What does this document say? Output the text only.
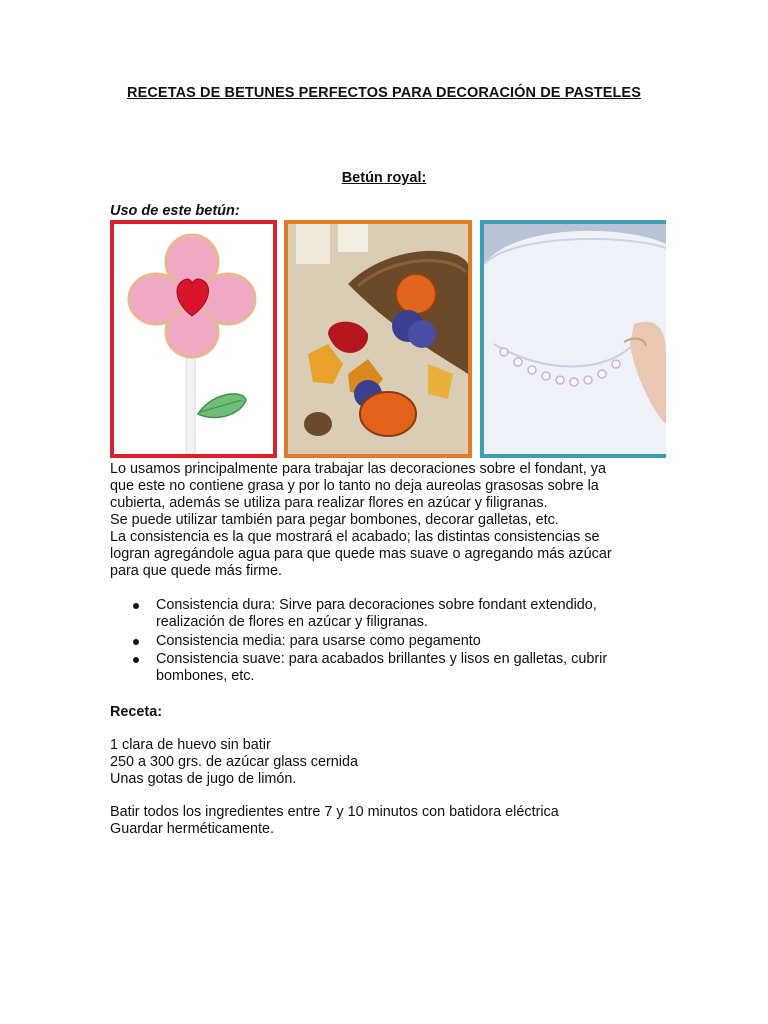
RECETAS DE BETUNES PERFECTOS PARA DECORACIÓN DE PASTELES
Betún royal:
Uso de este betún:
Lo usamos principalmente para trabajar las decoraciones sobre el fondant, ya
que este no contiene grasa y por lo tanto no deja aureolas grasosas sobre la
cubierta, además se utiliza para realizar flores en azúcar y filigranas.
Se puede utilizar también para pegar bombones, decorar galletas, etc.
La consistencia es la que mostrará el acabado; las distintas consistencias se
logran agregándole agua para que quede mas suave o agregando más azúcar
para que quede más firme.
Consistencia dura: Sirve para decoraciones sobre fondant extendido,
realización de flores en azúcar y filigranas.
Consistencia media: para usarse como pegamento
Consistencia suave: para acabados brillantes y lisos en galletas, cubrir
bombones, etc.
Receta:
1 clara de huevo sin batir
250 a 300 grs. de azúcar glass cernida
Unas gotas de jugo de limón.
Batir todos los ingredientes entre 7 y 10 minutos con batidora eléctrica
Guardar herméticamente.
